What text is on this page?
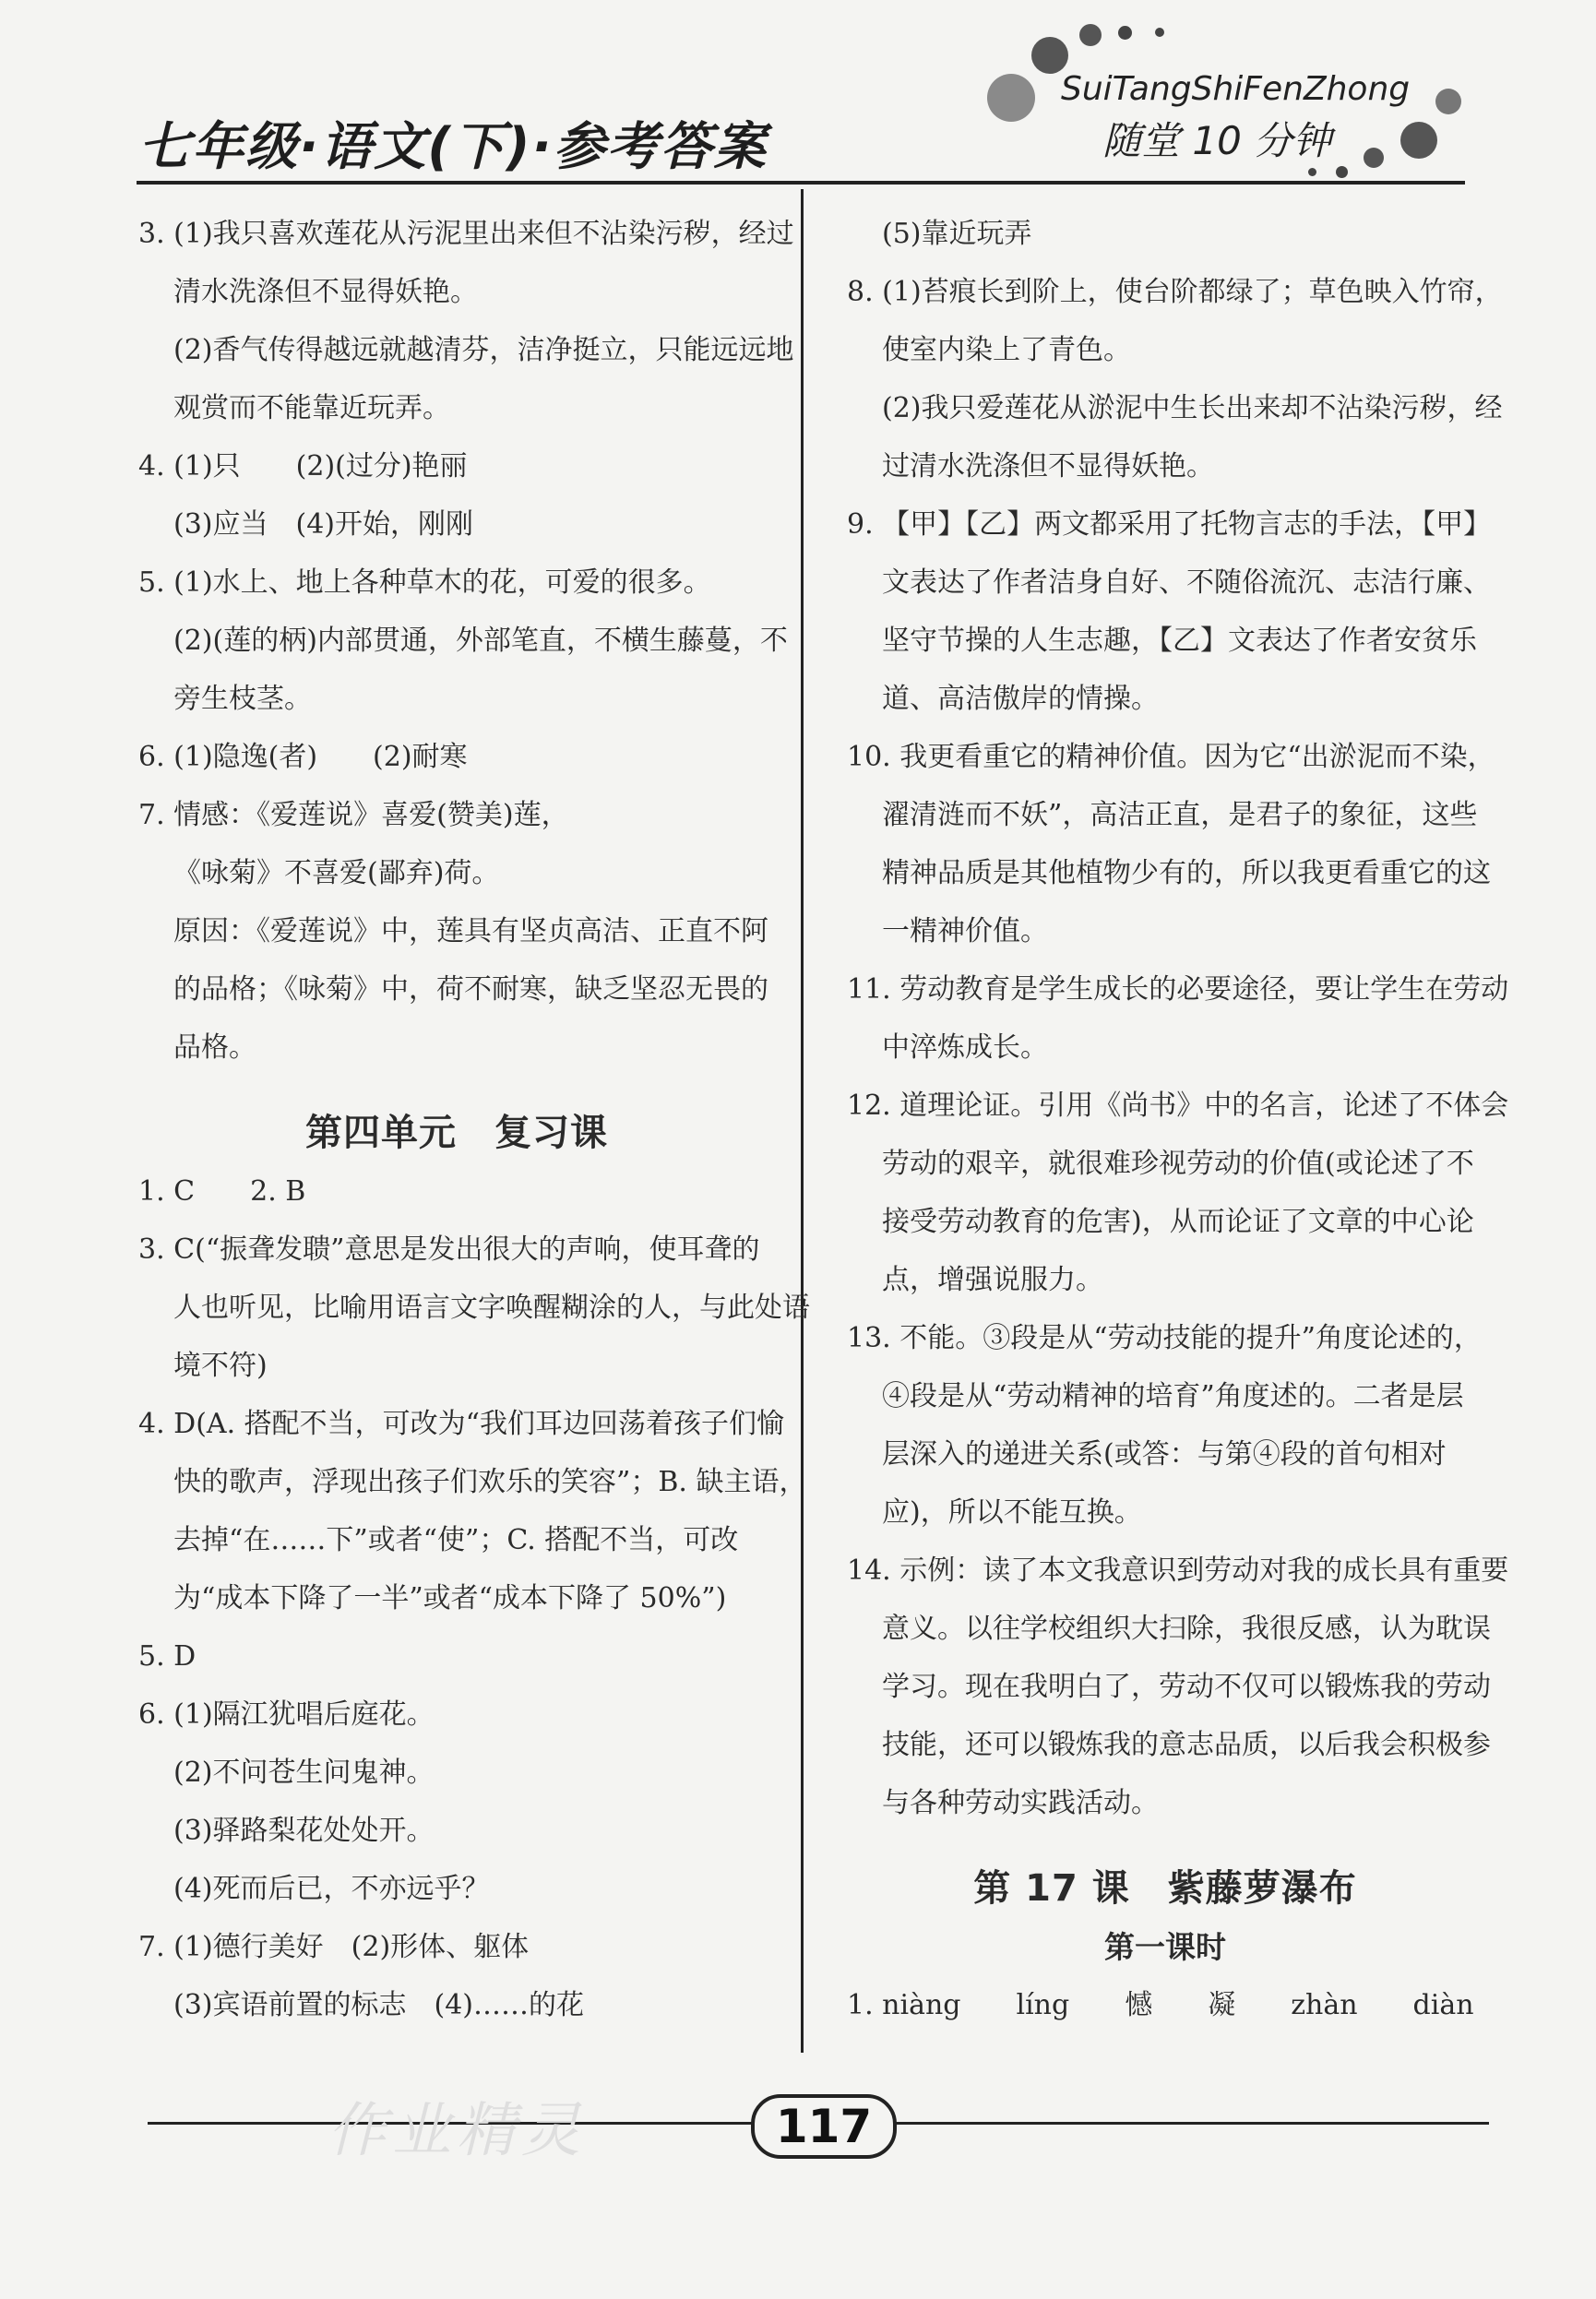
七年级·语文(下)·参考答案
SuiTangShiFenZhong
随堂 10 分钟
3. (1)我只喜欢莲花从污泥里出来但不沾染污秽，经过
清水洗涤但不显得妖艳。
(2)香气传得越远就越清芬，洁净挺立，只能远远地
观赏而不能靠近玩弄。
4. (1)只　　(2)(过分)艳丽
(3)应当　(4)开始，刚刚
5. (1)水上、地上各种草木的花，可爱的很多。
(2)(莲的柄)内部贯通，外部笔直，不横生藤蔓，不
旁生枝茎。
6. (1)隐逸(者)　　(2)耐寒
7. 情感：《爱莲说》喜爱(赞美)莲，
《咏菊》不喜爱(鄙弃)荷。
原因：《爱莲说》中，莲具有坚贞高洁、正直不阿
的品格；《咏菊》中，荷不耐寒，缺乏坚忍无畏的
品格。
第四单元　复习课
1. C　　2. B
3. C(“振聋发聩”意思是发出很大的声响，使耳聋的
人也听见，比喻用语言文字唤醒糊涂的人，与此处语
境不符)
4. D(A. 搭配不当，可改为“我们耳边回荡着孩子们愉
快的歌声，浮现出孩子们欢乐的笑容”；B. 缺主语，
去掉“在……下”或者“使”；C. 搭配不当，可改
为“成本下降了一半”或者“成本下降了 50%”)
5. D
6. (1)隔江犹唱后庭花。
(2)不问苍生问鬼神。
(3)驿路梨花处处开。
(4)死而后已，不亦远乎？
7. (1)德行美好　(2)形体、躯体
(3)宾语前置的标志　(4)……的花
(5)靠近玩弄
8. (1)苔痕长到阶上，使台阶都绿了；草色映入竹帘，
使室内染上了青色。
(2)我只爱莲花从淤泥中生长出来却不沾染污秽，经
过清水洗涤但不显得妖艳。
9. 【甲】【乙】两文都采用了托物言志的手法，【甲】
文表达了作者洁身自好、不随俗流沉、志洁行廉、
坚守节操的人生志趣，【乙】文表达了作者安贫乐
道、高洁傲岸的情操。
10. 我更看重它的精神价值。因为它“出淤泥而不染，
濯清涟而不妖”，高洁正直，是君子的象征，这些
精神品质是其他植物少有的，所以我更看重它的这
一精神价值。
11. 劳动教育是学生成长的必要途径，要让学生在劳动
中淬炼成长。
12. 道理论证。引用《尚书》中的名言，论述了不体会
劳动的艰辛，就很难珍视劳动的价值(或论述了不
接受劳动教育的危害)，从而论证了文章的中心论
点，增强说服力。
13. 不能。③段是从“劳动技能的提升”角度论述的，
④段是从“劳动精神的培育”角度述的。二者是层
层深入的递进关系(或答：与第④段的首句相对
应)，所以不能互换。
14. 示例：读了本文我意识到劳动对我的成长具有重要
意义。以往学校组织大扫除，我很反感，认为耽误
学习。现在我明白了，劳动不仅可以锻炼我的劳动
技能，还可以锻炼我的意志品质，以后我会积极参
与各种劳动实践活动。
第 17 课　紫藤萝瀑布
第一课时
1. niàng　　líng　　憾　　凝　　zhàn　　diàn
作业精灵	117
